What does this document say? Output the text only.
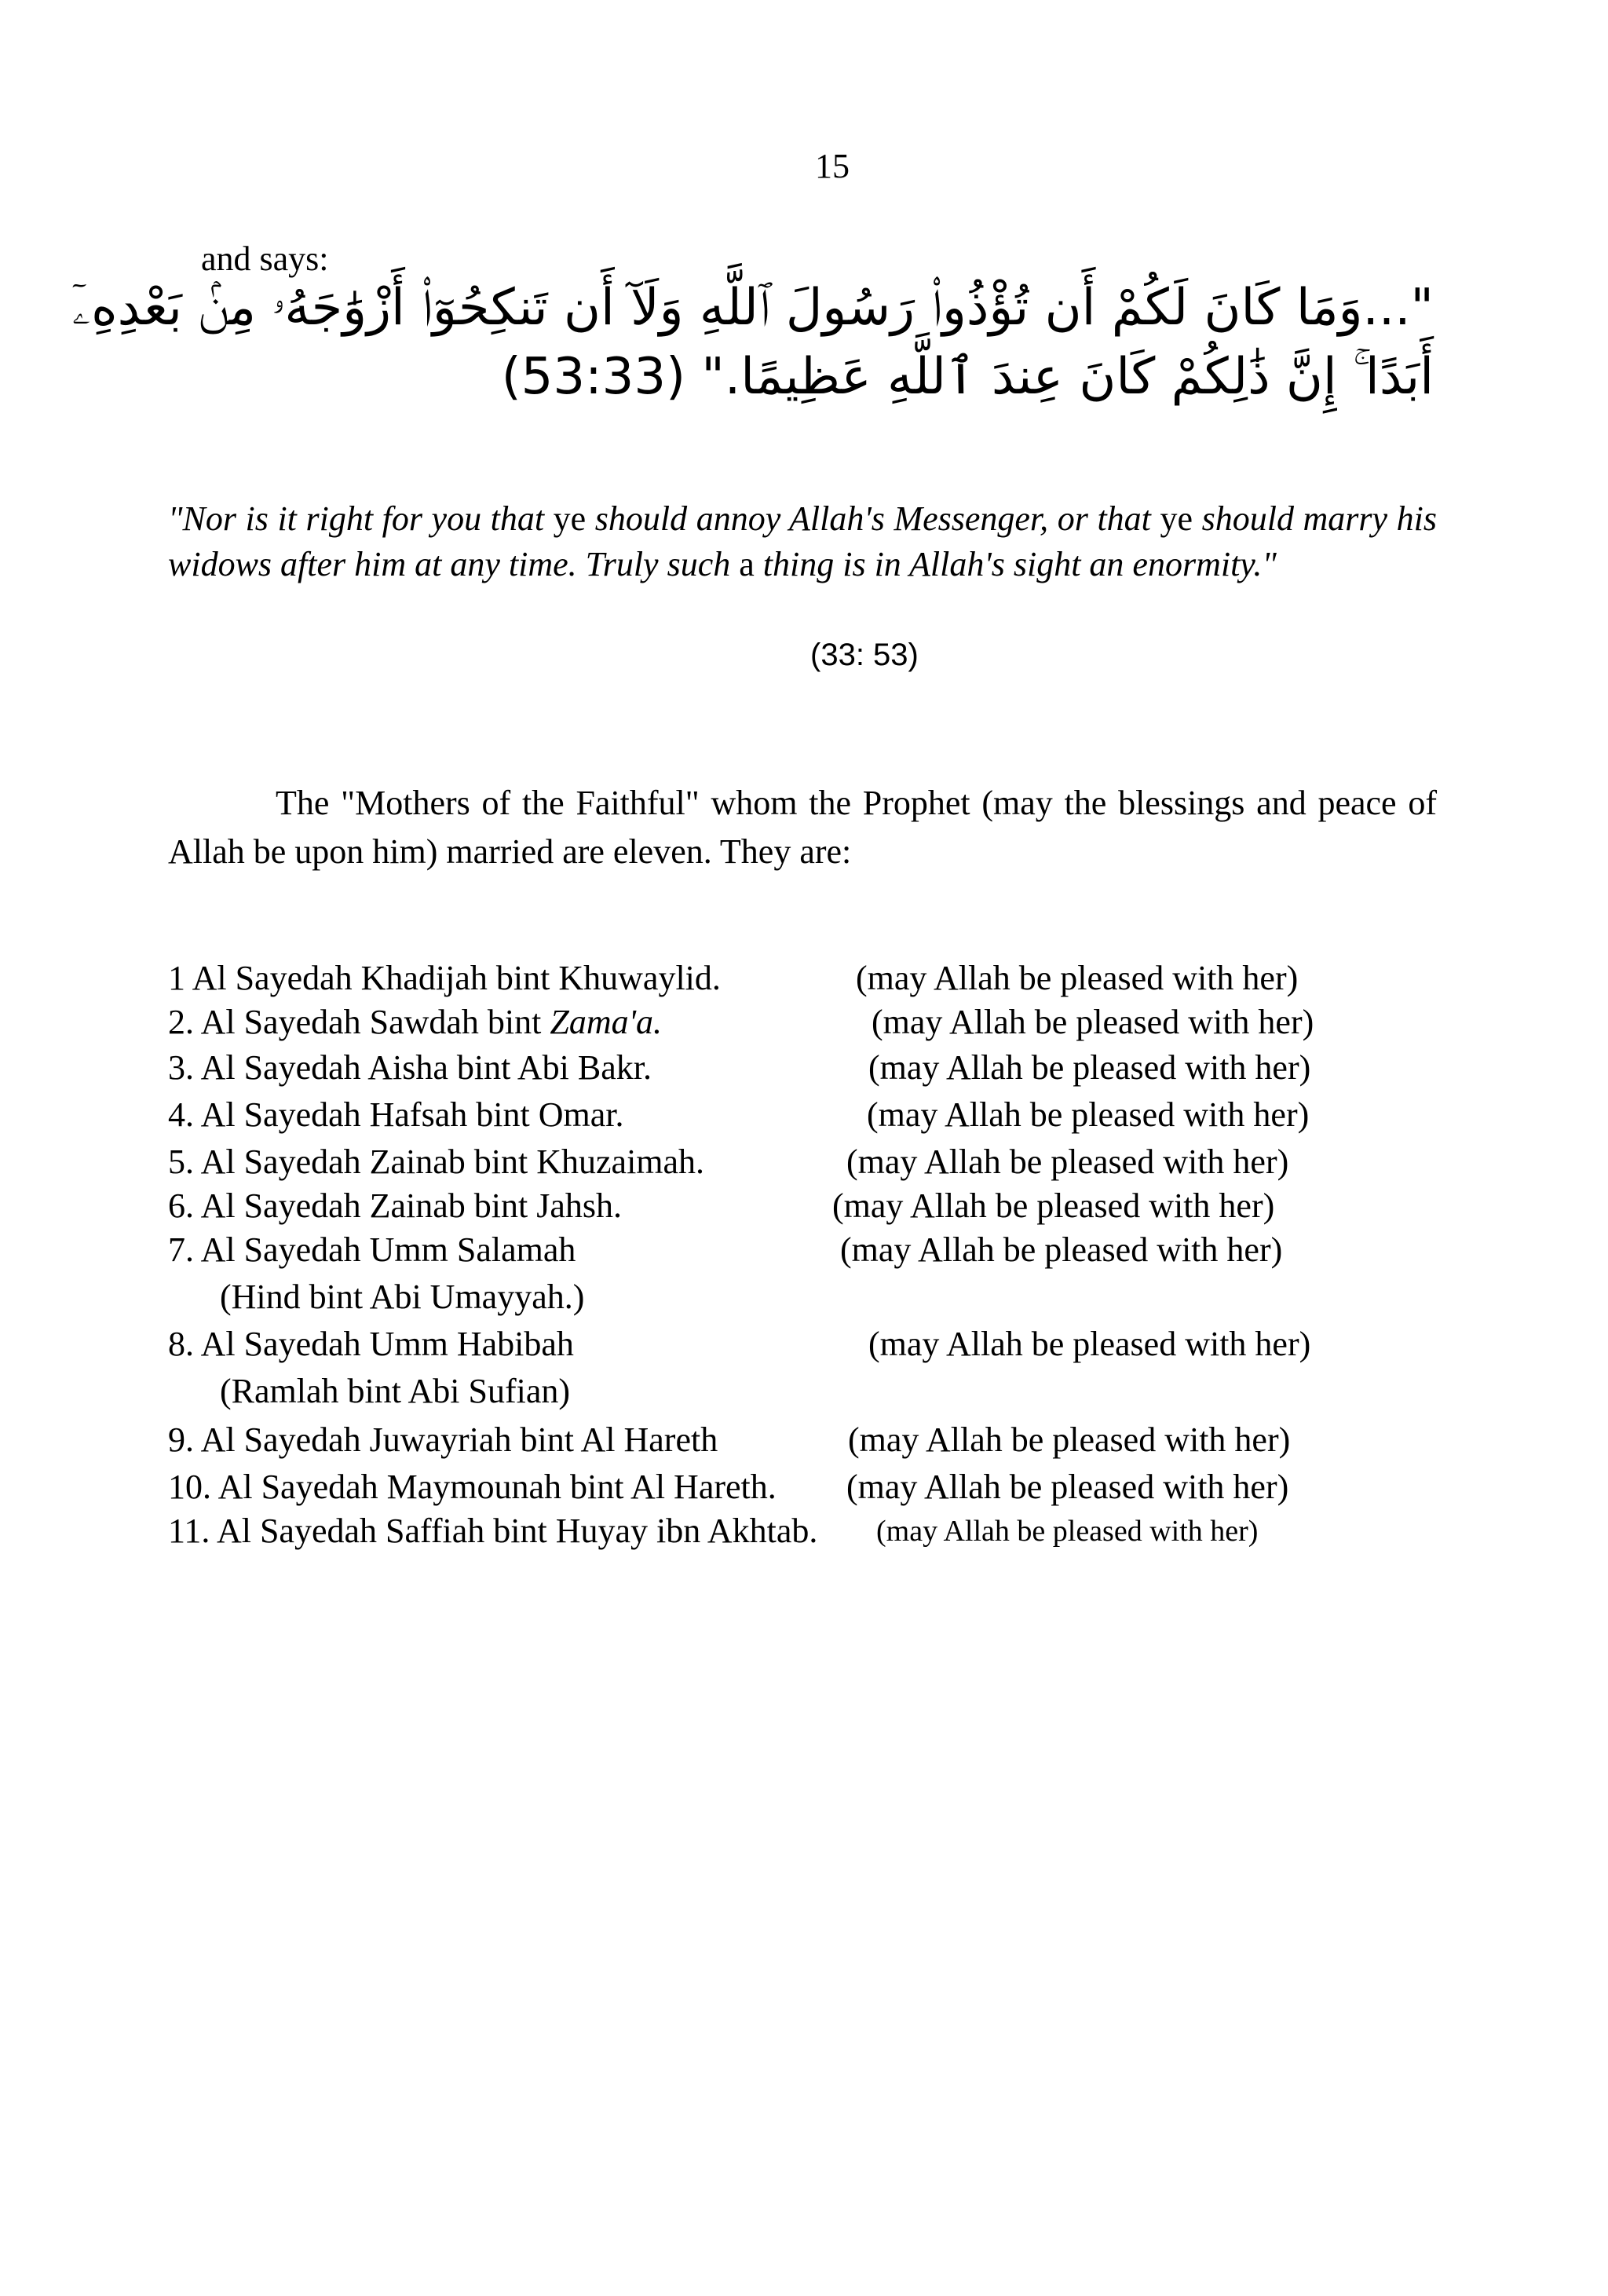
15
and says:
"...وَمَا كَانَ لَكُمْ أَن تُؤْذُوا۟ رَسُولَ ٱللَّهِ وَلَآ أَن تَنكِحُوٓا۟ أَزْوَٰجَهُۥ مِنۢ بَعْدِهِۦٓ
أَبَدًا ۚ إِنَّ ذَٰلِكُمْ كَانَ عِندَ ٱللَّهِ عَظِيمًا." (53:33)
"Nor is it right for you that ye should annoy Allah's Messenger, or that ye should marry his widows after him at any time. Truly such a thing is in Allah's sight an enormity."
(33: 53)
The "Mothers of the Faithful" whom the Prophet (may the blessings and peace of Allah be upon him) married are eleven. They are:
1 Al Sayedah Khadijah bint Khuwaylid.	(may Allah be pleased with her)
2. Al Sayedah Sawdah bint Zama'a.	(may Allah be pleased with her)
3. Al Sayedah Aisha bint Abi Bakr.	(may Allah be pleased with her)
4. Al Sayedah Hafsah bint Omar.	(may Allah be pleased with her)
5. Al Sayedah Zainab bint Khuzaimah.	(may Allah be pleased with her)
6. Al Sayedah Zainab bint Jahsh.	(may Allah be pleased with her)
7. Al Sayedah Umm Salamah	(may Allah be pleased with her)
(Hind bint Abi Umayyah.)
8. Al Sayedah Umm Habibah	(may Allah be pleased with her)
(Ramlah bint Abi Sufian)
9. Al Sayedah Juwayriah bint Al Hareth	(may Allah be pleased with her)
10. Al Sayedah Maymounah bint Al Hareth. (may Allah be pleased with her)
11. Al Sayedah Saffiah bint Huyay ibn Akhtab. (may Allah be pleased with her)
